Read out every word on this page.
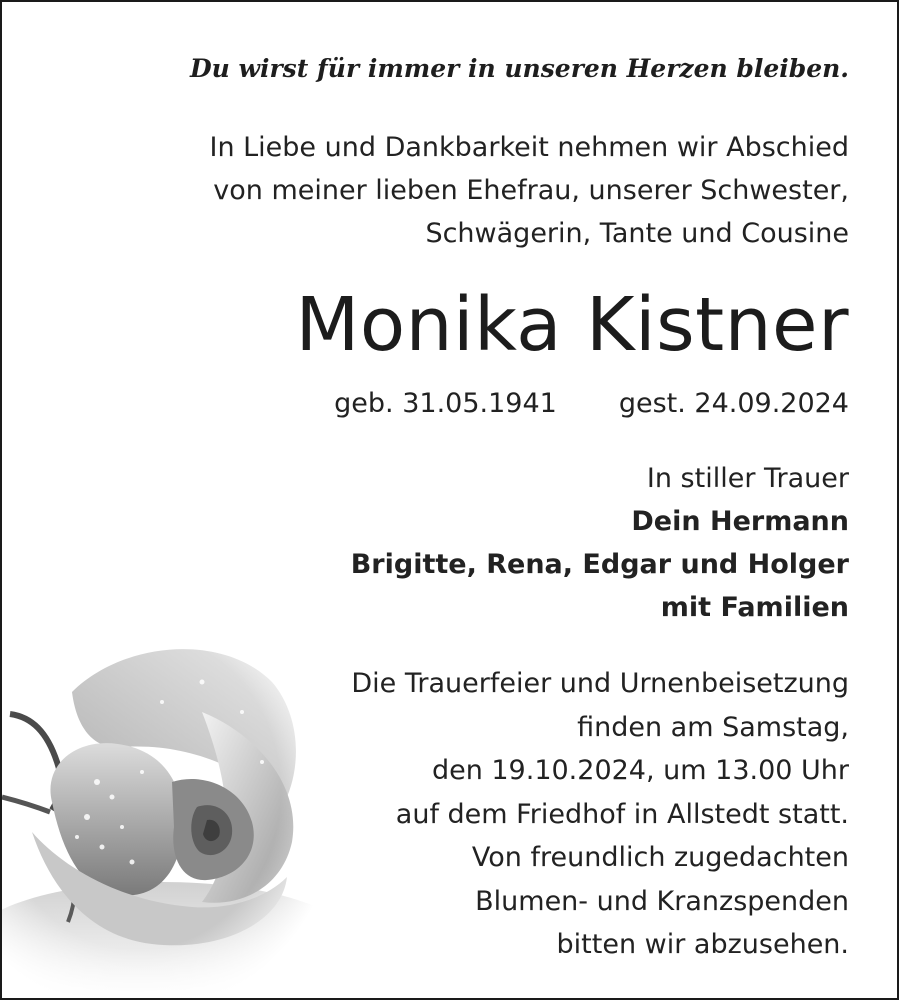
Du wirst für immer in unseren Herzen bleiben.
In Liebe und Dankbarkeit nehmen wir Abschied
von meiner lieben Ehefrau, unserer Schwester,
Schwägerin, Tante und Cousine
Monika Kistner
geb. 31.05.1941 gest. 24.09.2024
In stiller Trauer
Dein Hermann
Brigitte, Rena, Edgar und Holger
mit Familien
Die Trauerfeier und Urnenbeisetzung
finden am Samstag,
den 19.10.2024, um 13.00 Uhr
auf dem Friedhof in Allstedt statt.
Von freundlich zugedachten
Blumen- und Kranzspenden
bitten wir abzusehen.
